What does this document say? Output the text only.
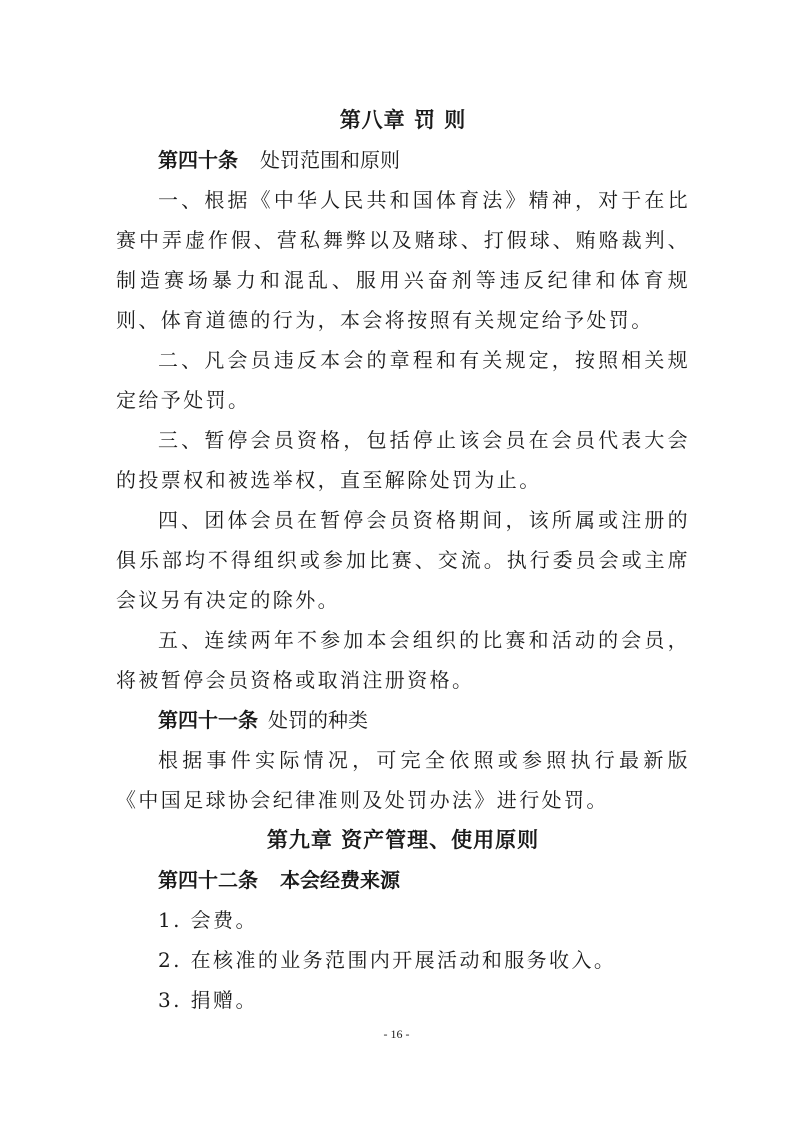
第八章 罚 则

第四十条 处罚范围和原则

一、根据《中华人民共和国体育法》精神，对于在比赛中弄虚作假、营私舞弊以及赌球、打假球、贿赂裁判、制造赛场暴力和混乱、服用兴奋剂等违反纪律和体育规则、体育道德的行为，本会将按照有关规定给予处罚。

二、凡会员违反本会的章程和有关规定，按照相关规定给予处罚。

三、暂停会员资格，包括停止该会员在会员代表大会的投票权和被选举权，直至解除处罚为止。

四、团体会员在暂停会员资格期间，该所属或注册的俱乐部均不得组织或参加比赛、交流。执行委员会或主席会议另有决定的除外。

五、连续两年不参加本会组织的比赛和活动的会员，将被暂停会员资格或取消注册资格。

第四十一条 处罚的种类

根据事件实际情况，可完全依照或参照执行最新版《中国足球协会纪律准则及处罚办法》进行处罚。

第九章 资产管理、使用原则

第四十二条 本会经费来源

1. 会费。

2. 在核准的业务范围内开展活动和服务收入。

3. 捐赠。

- 16 -
